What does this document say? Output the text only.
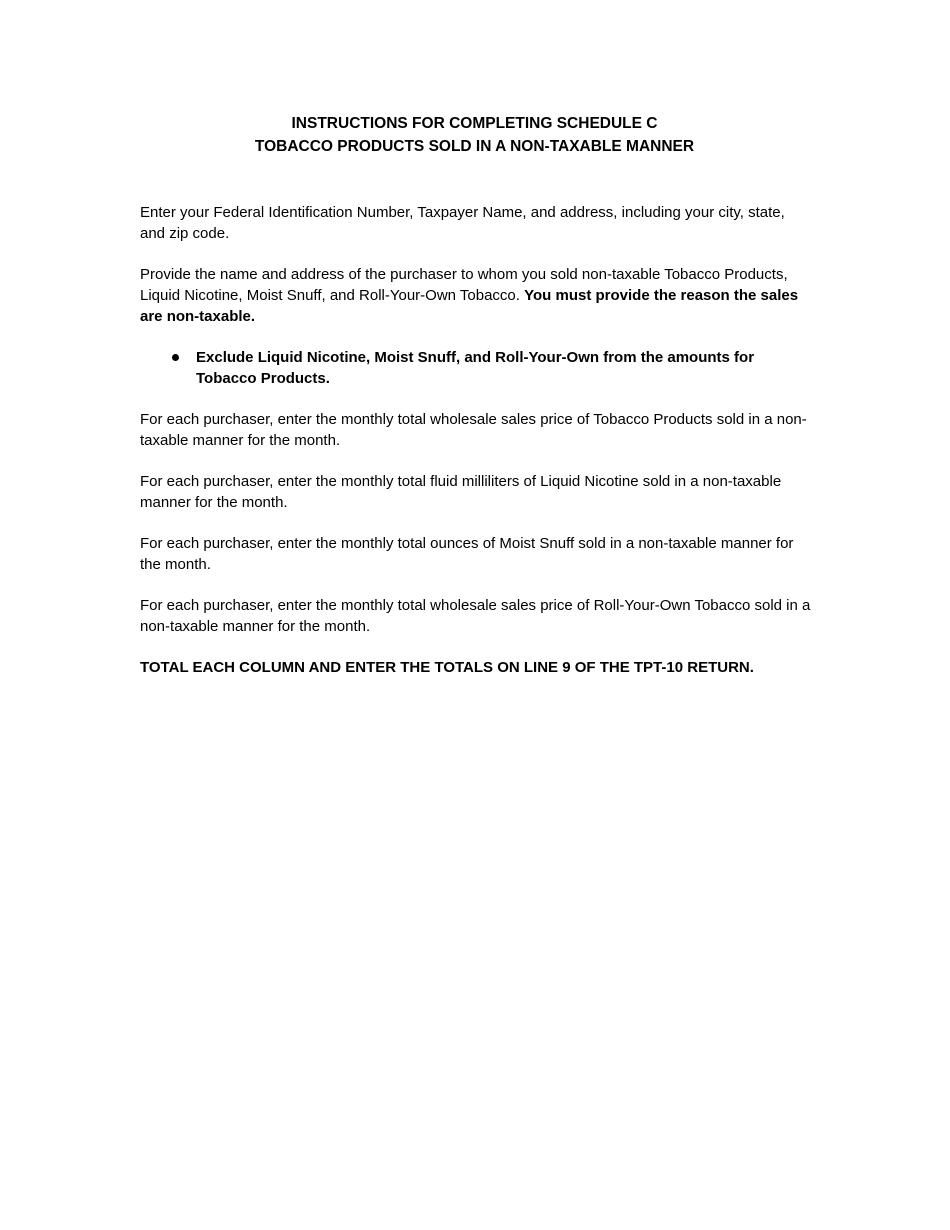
INSTRUCTIONS FOR COMPLETING SCHEDULE C
TOBACCO PRODUCTS SOLD IN A NON-TAXABLE MANNER

Enter your Federal Identification Number, Taxpayer Name, and address, including your city, state, and zip code.

Provide the name and address of the purchaser to whom you sold non-taxable Tobacco Products, Liquid Nicotine, Moist Snuff, and Roll-Your-Own Tobacco. You must provide the reason the sales are non-taxable.

Exclude Liquid Nicotine, Moist Snuff, and Roll-Your-Own from the amounts for Tobacco Products.

For each purchaser, enter the monthly total wholesale sales price of Tobacco Products sold in a non-taxable manner for the month.

For each purchaser, enter the monthly total fluid milliliters of Liquid Nicotine sold in a non-taxable manner for the month.

For each purchaser, enter the monthly total ounces of Moist Snuff sold in a non-taxable manner for the month.

For each purchaser, enter the monthly total wholesale sales price of Roll-Your-Own Tobacco sold in a non-taxable manner for the month.

TOTAL EACH COLUMN AND ENTER THE TOTALS ON LINE 9 OF THE TPT-10 RETURN.
